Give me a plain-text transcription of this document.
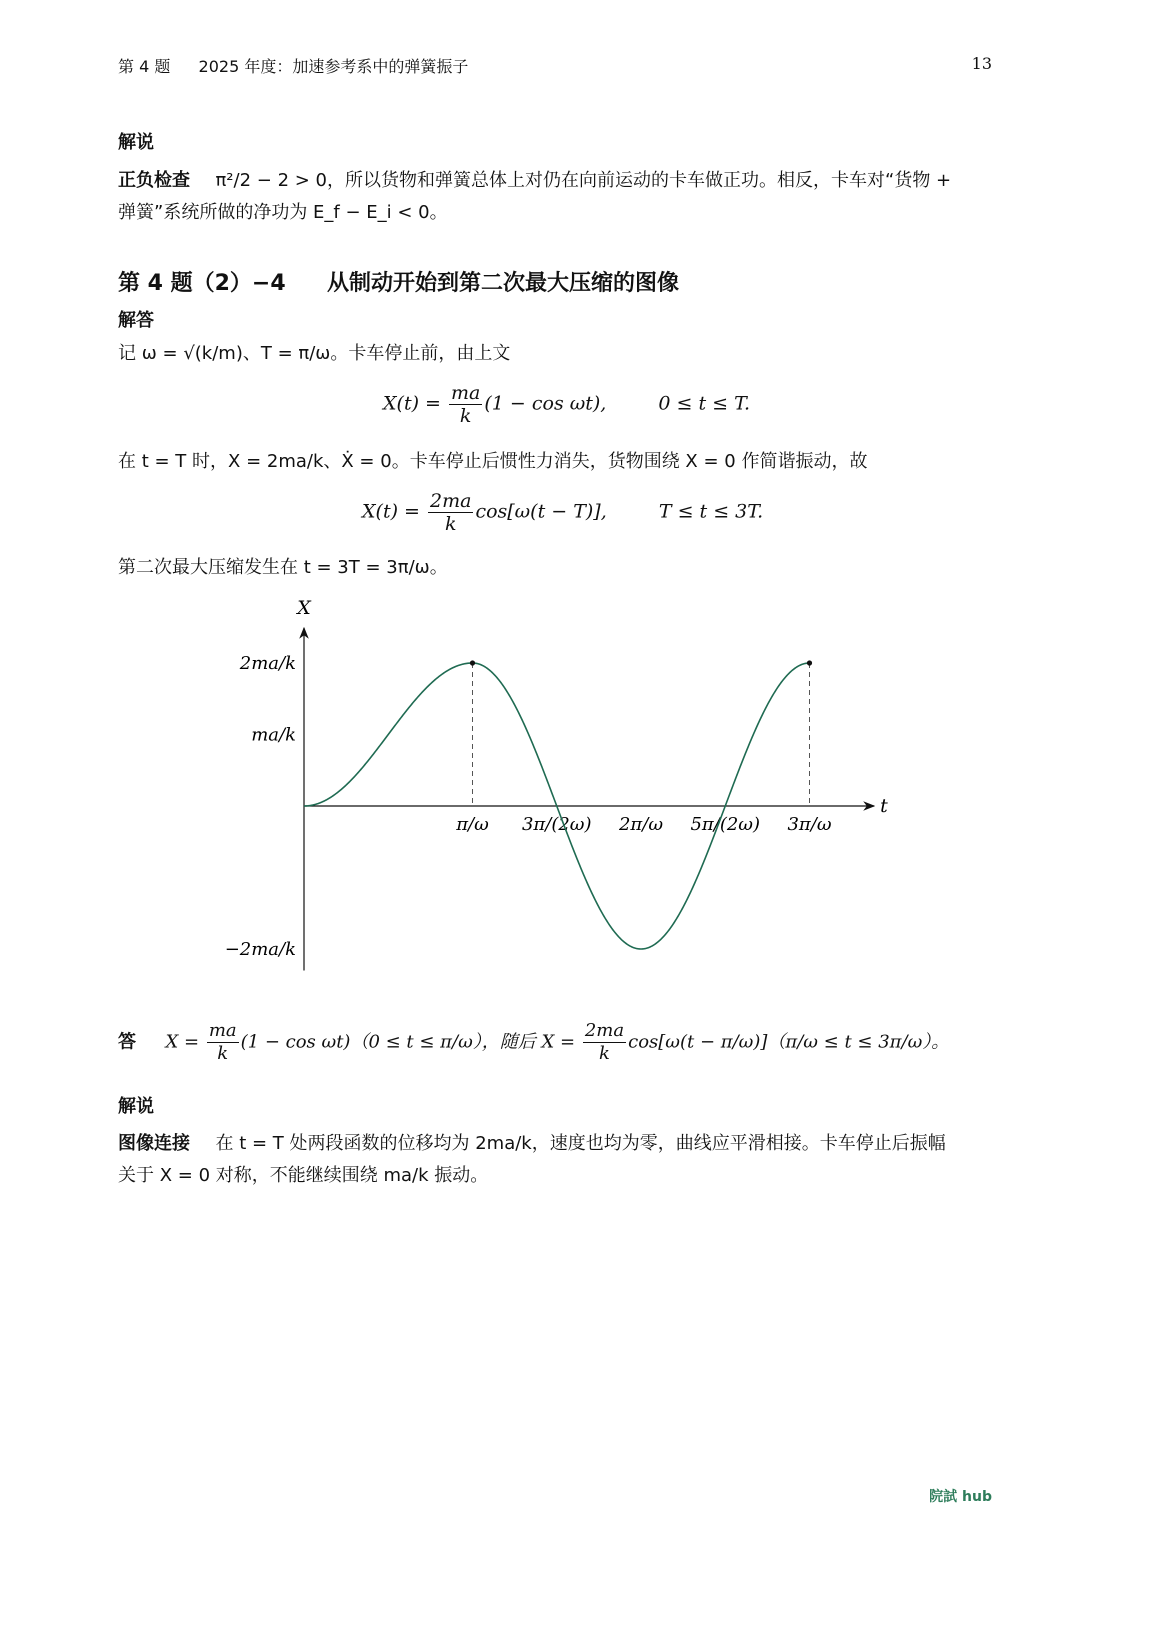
第 4 题 2025 年度：加速参考系中的弹簧振子	13
解说
正负检查 π²/2 − 2 > 0，所以货物和弹簧总体上对仍在向前运动的卡车做正功。相反，卡车对“货物 +
弹簧”系统所做的净功为 E_f − E_i < 0。
第 4 题（2）−4 从制动开始到第二次最大压缩的图像
解答
记 ω = √(k/m)、T = π/ω。卡车停止前，由上文
$X(t) = \frac{ma}{k} (1 - \cos \omega t)$,	0 ≤ t ≤ T.
在 t = T 时，X = 2ma/k、Ẋ = 0。卡车停止后惯性力消失，货物围绕 X = 0 作简谐振动，故
$X(t) = \frac{2ma}{k} \cos[\omega(t - T)]$,	T ≤ t ≤ 3T.
第二次最大压缩发生在 t = 3T = 3π/ω。
X
t
π/ω 3π/(2ω) 2π/ω 5π/(2ω) 3π/ω
2ma/k
ma/k
−2ma/k
答 $X = \frac{ma}{k} (1 - \cos \omega t)(0 \le t \le \pi/\omega)$，随后 $X = \frac{2ma}{k} \cos[\omega(t - \pi/\omega)](\pi/\omega \le t \le 3\pi/\omega)$。
解说
图像连接 在 t = T 处两段函数的位移均为 2ma/k，速度也均为零，曲线应平滑相接。卡车停止后振幅
关于 X = 0 对称，不能继续围绕 ma/k 振动。
院試 hub
